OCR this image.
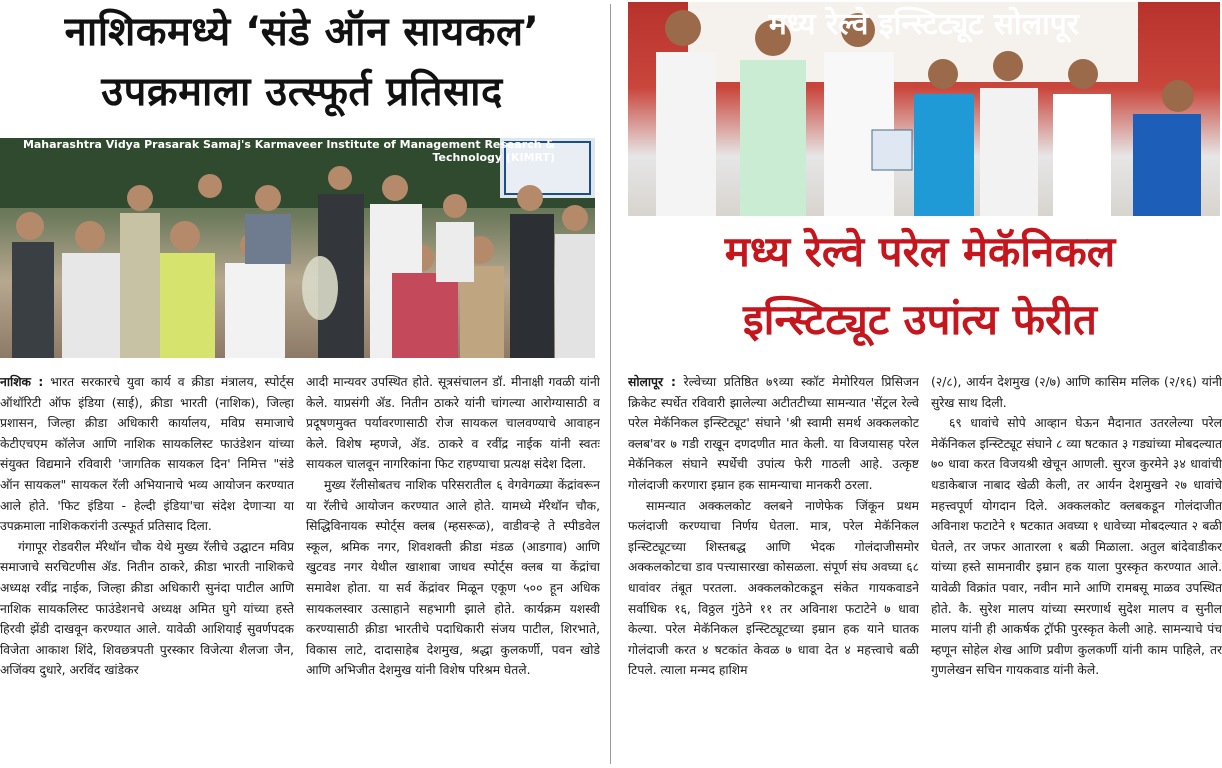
नाशिकमध्ये ‘संडे ऑन सायकल’
उपक्रमाला उत्स्फूर्त प्रतिसाद
Maharashtra Vidya Prasarak Samaj's Karmaveer Institute of Management Research & Technology (KIMRT)

नाशिक : भारत सरकारचे युवा कार्य व क्रीडा मंत्रालय, स्पोर्ट्स ऑथॉरिटी ऑफ इंडिया (साई), क्रीडा भारती (नाशिक), जिल्हा प्रशासन, जिल्हा क्रीडा अधिकारी कार्यालय, मविप्र समाजाचे केटीएचएम कॉलेज आणि नाशिक सायकलिस्ट फाउंडेशन यांच्या संयुक्त विद्यमाने रविवारी 'जागतिक सायकल दिन' निमित्त "संडे ऑन सायकल" सायकल रॅली अभियानाचे भव्य आयोजन करण्यात आले होते. 'फिट इंडिया - हेल्दी इंडिया'चा संदेश देणाऱ्या या उपक्रमाला नाशिककरांनी उत्स्फूर्त प्रतिसाद दिला.

गंगापूर रोडवरील मॅरेथॉन चौक येथे मुख्य रॅलीचे उद्घाटन मविप्र समाजाचे सरचिटणीस ॲड. नितीन ठाकरे, क्रीडा भारती नाशिकचे अध्यक्ष रवींद्र नाईक, जिल्हा क्रीडा अधिकारी सुनंदा पाटील आणि नाशिक सायकलिस्ट फाउंडेशनचे अध्यक्ष अमित घुगे यांच्या हस्ते हिरवी झेंडी दाखवून करण्यात आले. यावेळी आशियाई सुवर्णपदक विजेता आकाश शिंदे, शिवछत्रपती पुरस्कार विजेत्या शैलजा जैन, अजिंक्य दुधारे, अरविंद खांडेकर

आदी मान्यवर उपस्थित होते. सूत्रसंचालन डॉ. मीनाक्षी गवळी यांनी केले. याप्रसंगी ॲड. नितीन ठाकरे यांनी चांगल्या आरोग्यासाठी व प्रदूषणमुक्त पर्यावरणासाठी रोज सायकल चालवण्याचे आवाहन केले. विशेष म्हणजे, ॲड. ठाकरे व रवींद्र नाईक यांनी स्वतः सायकल चालवून नागरिकांना फिट राहण्याचा प्रत्यक्ष संदेश दिला.

मुख्य रॅलीसोबतच नाशिक परिसरातील ६ वेगवेगळ्या केंद्रांवरून या रॅलीचे आयोजन करण्यात आले होते. यामध्ये मॅरेथॉन चौक, सिद्धिविनायक स्पोर्ट्स क्लब (म्हसरूळ), वाडीवऱ्हे ते स्पीडवेल स्कूल, श्रमिक नगर, शिवशक्ती क्रीडा मंडळ (आडगाव) आणि खुटवड नगर येथील खाशाबा जाधव स्पोर्ट्स क्लब या केंद्रांचा समावेश होता. या सर्व केंद्रांवर मिळून एकूण ५०० हून अधिक सायकलस्वार उत्साहाने सहभागी झाले होते. कार्यक्रम यशस्वी करण्यासाठी क्रीडा भारतीचे पदाधिकारी संजय पाटील, शिरभाते, विकास लाटे, दादासाहेब देशमुख, श्रद्धा कुलकर्णी, पवन खोडे आणि अभिजीत देशमुख यांनी विशेष परिश्रम घेतले.

मध्य रेल्वे इन्स्टिट्यूट सोलापूर
मध्य रेल्वे परेल मेकॅनिकल
इन्स्टिट्यूट उपांत्य फेरीत

सोलापूर : रेल्वेच्या प्रतिष्ठित ७९व्या स्कॉट मेमोरियल प्रिसिजन क्रिकेट स्पर्धेत रविवारी झालेल्या अटीतटीच्या सामन्यात 'सेंट्रल रेल्वे परेल मेकॅनिकल इन्स्टिट्यूट' संघाने 'श्री स्वामी समर्थ अक्कलकोट क्लब'वर ७ गडी राखून दणदणीत मात केली. या विजयासह परेल मेकॅनिकल संघाने स्पर्धेची उपांत्य फेरी गाठली आहे. उत्कृष्ट गोलंदाजी करणारा इम्रान हक सामन्याचा मानकरी ठरला.

सामन्यात अक्कलकोट क्लबने नाणेफेक जिंकून प्रथम फलंदाजी करण्याचा निर्णय घेतला. मात्र, परेल मेकॅनिकल इन्स्टिट्यूटच्या शिस्तबद्ध आणि भेदक गोलंदाजीसमोर अक्कलकोटचा डाव पत्त्यासारखा कोसळला. संपूर्ण संघ अवघ्या ६८ धावांवर तंबूत परतला. अक्कलकोटकडून संकेत गायकवाडने सर्वाधिक १६, विठ्ठल गुंठेने ११ तर अविनाश फटाटेने ७ धावा केल्या. परेल मेकॅनिकल इन्स्टिट्यूटच्या इम्रान हक याने घातक गोलंदाजी करत ४ षटकांत केवळ ७ धावा देत ४ महत्त्वाचे बळी टिपले. त्याला मन्मद हाशिम

(२/८), आर्यन देशमुख (२/७) आणि कासिम मलिक (२/१६) यांनी सुरेख साथ दिली.

६९ धावांचे सोपे आव्हान घेऊन मैदानात उतरलेल्या परेल मेकॅनिकल इन्स्टिट्यूट संघाने ८ व्या षटकात ३ गड्यांच्या मोबदल्यात ७० धावा करत विजयश्री खेचून आणली. सुरज कुरमेने ३४ धावांची धडाकेबाज नाबाद खेळी केली, तर आर्यन देशमुखने २७ धावांचे महत्त्वपूर्ण योगदान दिले. अक्कलकोट क्लबकडून गोलंदाजीत अविनाश फटाटेने १ षटकात अवघ्या १ धावेच्या मोबदल्यात २ बळी घेतले, तर जफर आतारला १ बळी मिळाला. अतुल बांदेवाडीकर यांच्या हस्ते सामनावीर इम्रान हक याला पुरस्कृत करण्यात आले. यावेळी विक्रांत पवार, नवीन माने आणि रामबसू माळव उपस्थित होते. कै. सुरेश मालप यांच्या स्मरणार्थ सुदेश मालप व सुनील मालप यांनी ही आकर्षक ट्रॉफी पुरस्कृत केली आहे. सामन्याचे पंच म्हणून सोहेल शेख आणि प्रवीण कुलकर्णी यांनी काम पाहिले, तर गुणलेखन सचिन गायकवाड यांनी केले.
